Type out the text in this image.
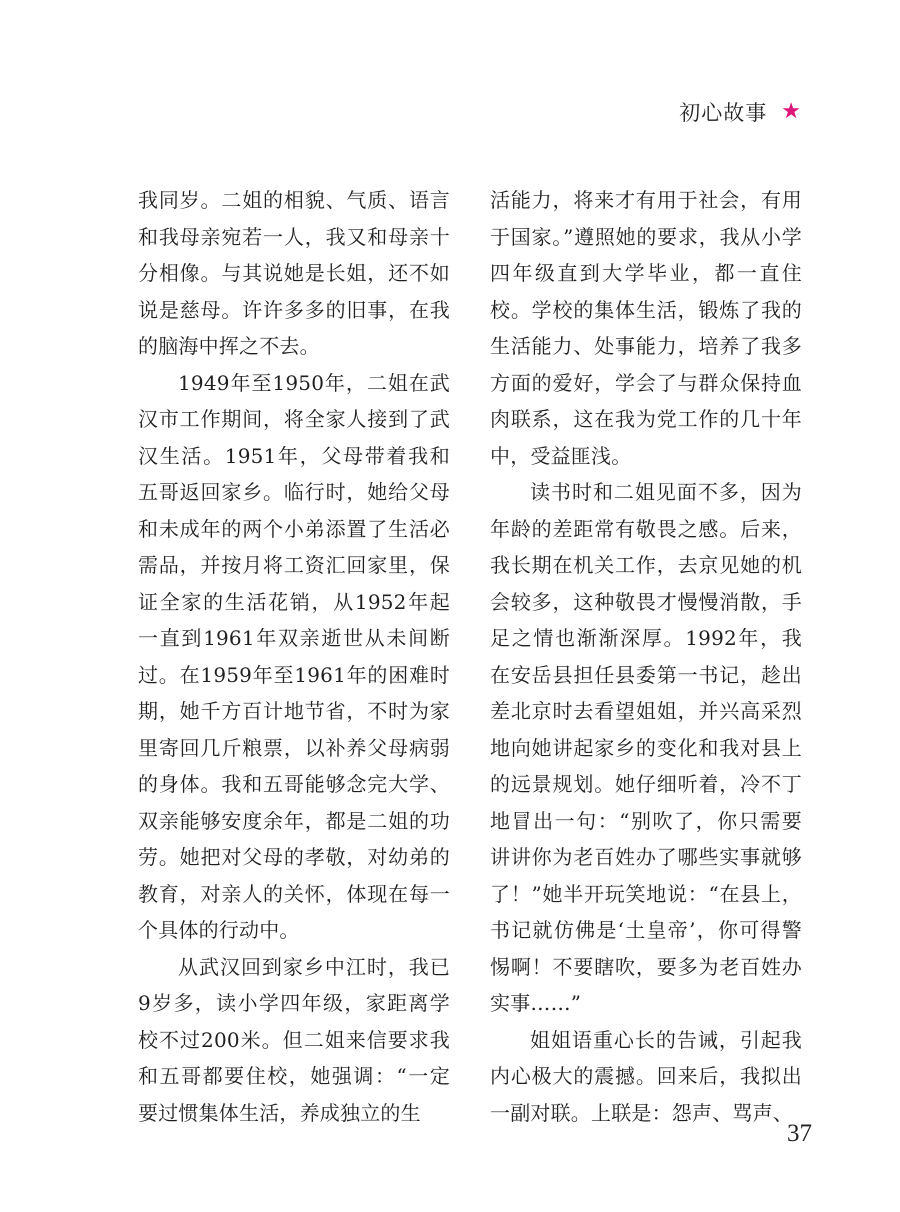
初心故事 ★

我同岁。二姐的相貌、气质、语言和我母亲宛若一人，我又和母亲十分相像。与其说她是长姐，还不如说是慈母。许许多多的旧事，在我的脑海中挥之不去。

1949年至1950年，二姐在武汉市工作期间，将全家人接到了武汉生活。1951年，父母带着我和五哥返回家乡。临行时，她给父母和未成年的两个小弟添置了生活必需品，并按月将工资汇回家里，保证全家的生活花销，从1952年起一直到1961年双亲逝世从未间断过。在1959年至1961年的困难时期，她千方百计地节省，不时为家里寄回几斤粮票，以补养父母病弱的身体。我和五哥能够念完大学、双亲能够安度余年，都是二姐的功劳。她把对父母的孝敬，对幼弟的教育，对亲人的关怀，体现在每一个具体的行动中。

从武汉回到家乡中江时，我已9岁多，读小学四年级，家距离学校不过200米。但二姐来信要求我和五哥都要住校，她强调：“一定要过惯集体生活，养成独立的生

活能力，将来才有用于社会，有用于国家。”遵照她的要求，我从小学四年级直到大学毕业，都一直住校。学校的集体生活，锻炼了我的生活能力、处事能力，培养了我多方面的爱好，学会了与群众保持血肉联系，这在我为党工作的几十年中，受益匪浅。

读书时和二姐见面不多，因为年龄的差距常有敬畏之感。后来，我长期在机关工作，去京见她的机会较多，这种敬畏才慢慢消散，手足之情也渐渐深厚。1992年，我在安岳县担任县委第一书记，趁出差北京时去看望姐姐，并兴高采烈地向她讲起家乡的变化和我对县上的远景规划。她仔细听着，冷不丁地冒出一句：“别吹了，你只需要讲讲你为老百姓办了哪些实事就够了！”她半开玩笑地说：“在县上，书记就仿佛是‘土皇帝’，你可得警惕啊！不要瞎吹，要多为老百姓办实事……”

姐姐语重心长的告诫，引起我内心极大的震撼。回来后，我拟出一副对联。上联是：怨声、骂声、

37
